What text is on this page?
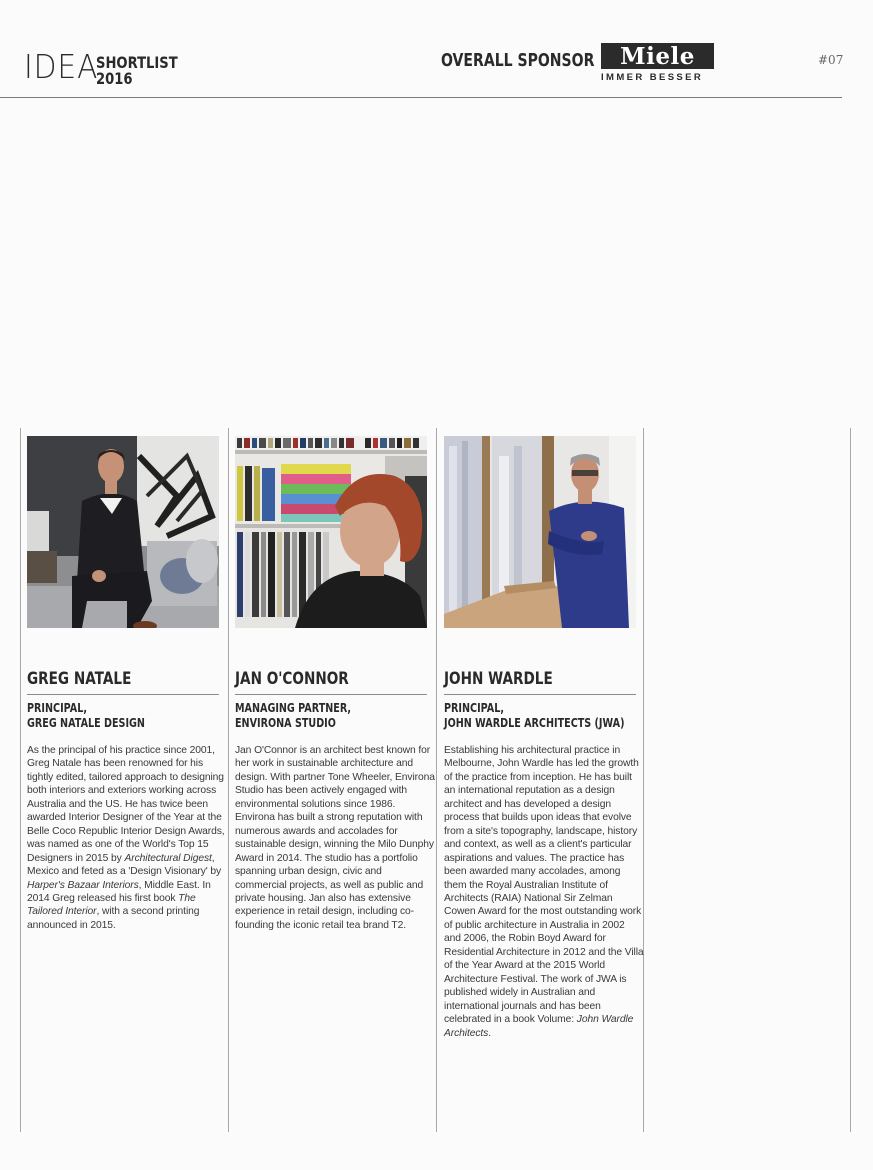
IDEA
SHORTLIST
2016
OVERALL SPONSOR	Miele
IMMER BESSER
#07
GREG NATALE
PRINCIPAL,
GREG NATALE DESIGN
As the principal of his practice since 2001, Greg Natale has been renowned for his tightly edited, tailored approach to designing both interiors and exteriors working across Australia and the US. He has twice been awarded Interior Designer of the Year at the Belle Coco Republic Interior Design Awards, was named as one of the World's Top 15 Designers in 2015 by Architectural Digest, Mexico and feted as a 'Design Visionary' by Harper's Bazaar Interiors, Middle East. In 2014 Greg released his first book The Tailored Interior, with a second printing announced in 2015.
JAN O'CONNOR
MANAGING PARTNER,
ENVIRONA STUDIO
Jan O'Connor is an architect best known for her work in sustainable architecture and design. With partner Tone Wheeler, Environa Studio has been actively engaged with environmental solutions since 1986. Environa has built a strong reputation with numerous awards and accolades for sustainable design, winning the Milo Dunphy Award in 2014. The studio has a portfolio spanning urban design, civic and commercial projects, as well as public and private housing. Jan also has extensive experience in retail design, including co-founding the iconic retail tea brand T2.
JOHN WARDLE
PRINCIPAL,
JOHN WARDLE ARCHITECTS (JWA)
Establishing his architectural practice in Melbourne, John Wardle has led the growth of the practice from inception. He has built an international reputation as a design architect and has developed a design process that builds upon ideas that evolve from a site's topography, landscape, history and context, as well as a client's particular aspirations and values. The practice has been awarded many accolades, among them the Royal Australian Institute of Architects (RAIA) National Sir Zelman Cowen Award for the most outstanding work of public architecture in Australia in 2002 and 2006, the Robin Boyd Award for Residential Architecture in 2012 and the Villa of the Year Award at the 2015 World Architecture Festival. The work of JWA is published widely in Australian and international journals and has been celebrated in a book Volume: John Wardle Architects.
